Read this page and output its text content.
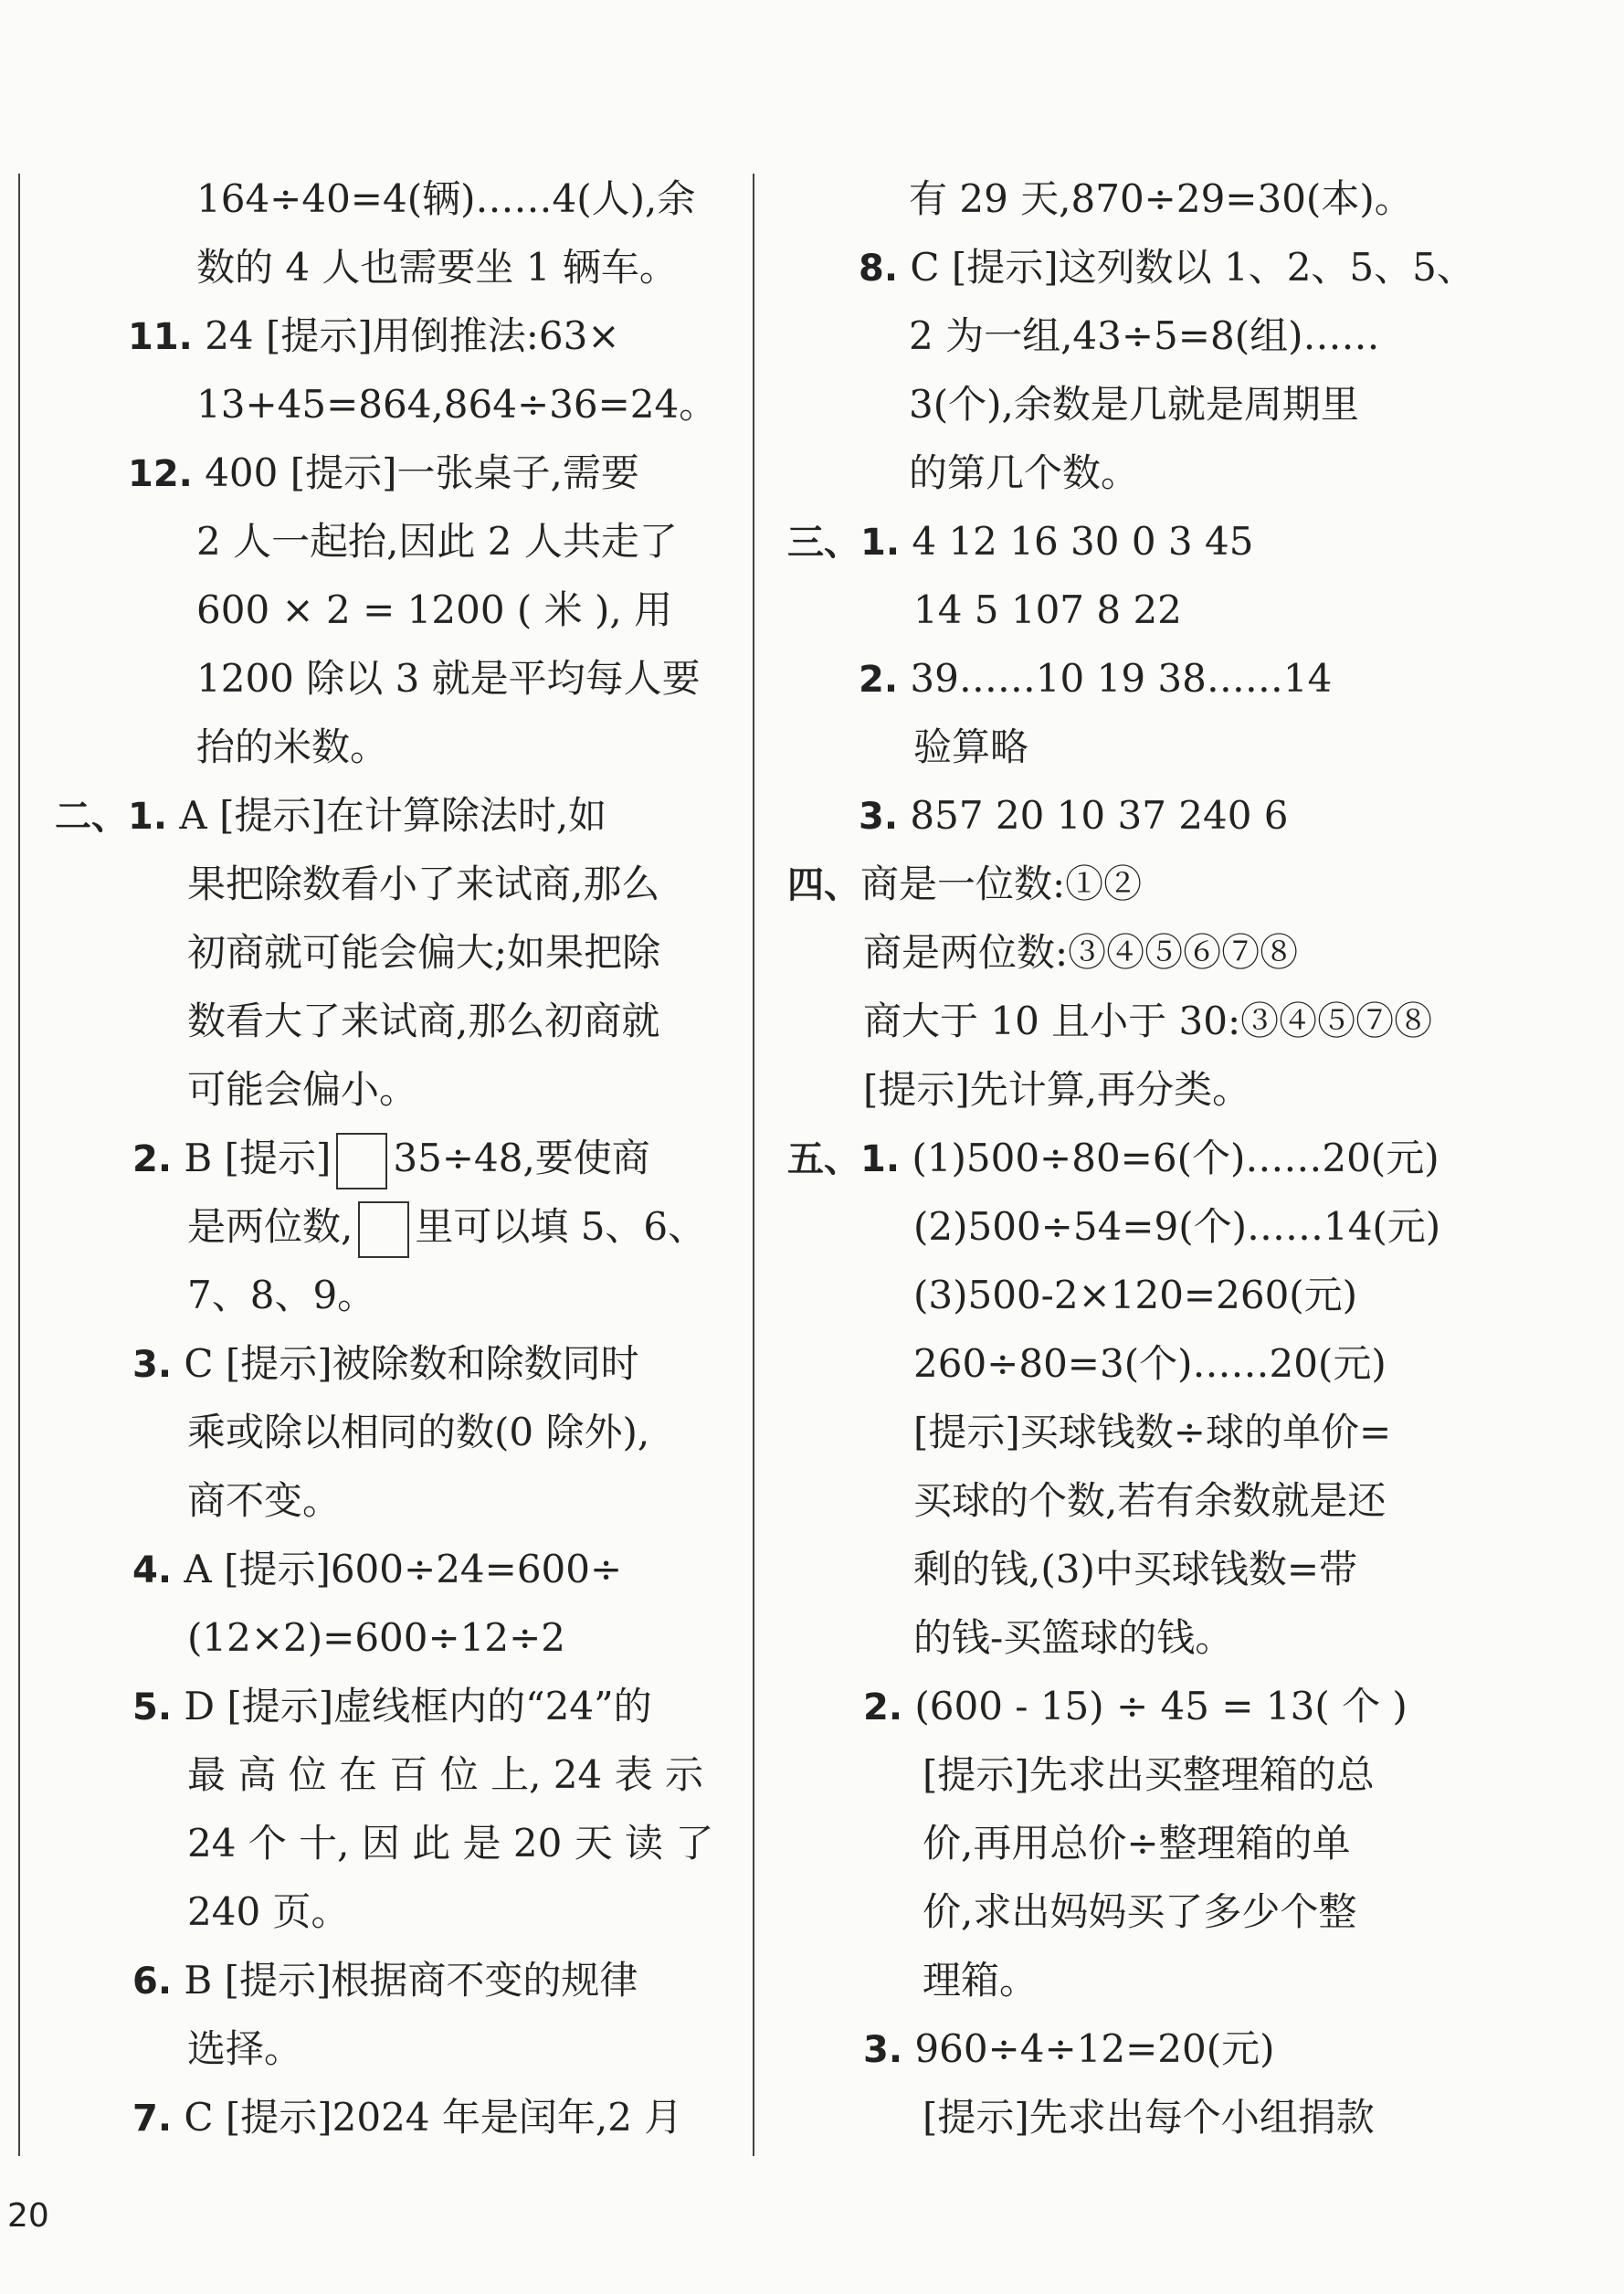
164÷40=4(辆)……4(人),余
数的 4 人也需要坐 1 辆车。
11. 24 [提示]用倒推法:63×
13+45=864,864÷36=24。
12. 400 [提示]一张桌子,需要
2 人一起抬,因此 2 人共走了
600 × 2 = 1200 ( 米 ), 用
1200 除以 3 就是平均每人要
抬的米数。
二、1. A [提示]在计算除法时,如
果把除数看小了来试商,那么
初商就可能会偏大;如果把除
数看大了来试商,那么初商就
可能会偏小。
2. B [提示] 35÷48,要使商
是两位数, 里可以填 5、6、
7、8、9。
3. C [提示]被除数和除数同时
乘或除以相同的数(0 除外),
商不变。
4. A [提示]600÷24=600÷
(12×2)=600÷12÷2
5. D [提示]虚线框内的“24”的
最 高 位 在 百 位 上, 24 表 示
24 个 十, 因 此 是 20 天 读 了
240 页。
6. B [提示]根据商不变的规律
选择。
7. C [提示]2024 年是闰年,2 月
有 29 天,870÷29=30(本)。
8. C [提示]这列数以 1、2、5、5、
2 为一组,43÷5=8(组)……
3(个),余数是几就是周期里
的第几个数。
三、1. 4 12 16 30 0 3 45
14 5 107 8 22
2. 39……10 19 38……14
验算略
3. 857 20 10 37 240 6
四、商是一位数:①②
商是两位数:③④⑤⑥⑦⑧
商大于 10 且小于 30:③④⑤⑦⑧
[提示]先计算,再分类。
五、1. (1)500÷80=6(个)……20(元)
(2)500÷54=9(个)……14(元)
(3)500-2×120=260(元)
260÷80=3(个)……20(元)
[提示]买球钱数÷球的单价=
买球的个数,若有余数就是还
剩的钱,(3)中买球钱数=带
的钱-买篮球的钱。
2. (600 - 15) ÷ 45 = 13( 个 )
[提示]先求出买整理箱的总
价,再用总价÷整理箱的单
价,求出妈妈买了多少个整
理箱。
3. 960÷4÷12=20(元)
[提示]先求出每个小组捐款
20
